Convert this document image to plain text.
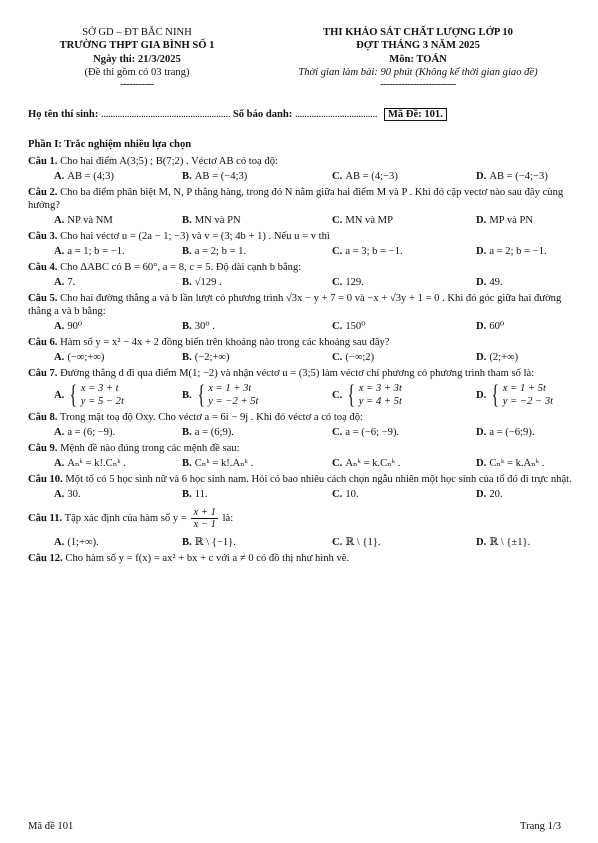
SỞ GD – ĐT BẮC NINH
TRƯỜNG THPT GIA BÌNH SỐ 1
Ngày thi: 21/3/2025
(Đề thi gồm có 03 trang)
-----------
THI KHẢO SÁT CHẤT LƯỢNG LỚP 10
ĐỢT THÁNG 3 NĂM 2025
Môn: TOÁN
Thời gian làm bài: 90 phút (Không kể thời gian giao đề)
-------------------------
Họ tên thí sinh: ....................................................... Số báo danh: ................................... Mã Đề: 101.
Phần I: Trắc nghiệm nhiều lựa chọn
Câu 1. Cho hai điểm A(3;5) ; B(7;2) . Véctơ AB có toạ độ:
A. AB = (4;3)	B. AB = (−4;3)	C. AB = (4;−3)	D. AB = (−4;−3)
Câu 2. Cho ba điểm phân biệt M, N, P thẳng hàng, trong đó N nằm giữa hai điểm M và P . Khi đó cặp vectơ nào sau đây cùng hướng?
A. NP và NM	B. MN và PN	C. MN và MP	D. MP và PN
Câu 3. Cho hai véctơ u = (2a − 1; −3) và v = (3; 4b + 1) . Nếu u = v thì
A. a = 1; b = −1.	B. a = 2; b = 1.	C. a = 3; b = −1.	D. a = 2; b = −1.
Câu 4. Cho ΔABC có B = 60°, a = 8, c = 5. Độ dài cạnh b bằng:
A. 7.	B. √129 .	C. 129.	D. 49.
Câu 5. Cho hai đường thẳng a và b lần lượt có phương trình √3x − y + 7 = 0 và −x + √3y + 1 = 0 . Khi đó góc giữa hai đường thẳng a và b bằng:
A. 90⁰	B. 30⁰ .	C. 150⁰	D. 60⁰
Câu 6. Hàm số y = x² − 4x + 2 đồng biến trên khoảng nào trong các khoảng sau đây?
A. (−∞;+∞)	B. (−2;+∞)	C. (−∞;2)	D. (2;+∞)
Câu 7. Đường thẳng d đi qua điểm M(1; −2) và nhận véctơ u = (3;5) làm véctơ chỉ phương có phương trình tham số là:
A. { x = 3 + t
y = 5 − 2t
B. { x = 1 + 3t
y = −2 + 5t
C. { x = 3 + 3t
y = 4 + 5t
D. { x = 1 + 5t
y = −2 − 3t
Câu 8. Trong mặt toạ độ Oxy. Cho véctơ a = 6i − 9j . Khi đó véctơ a có toạ độ:
A. a = (6; −9).	B. a = (6;9).	C. a = (−6; −9).	D. a = (−6;9).
Câu 9. Mệnh đề nào đúng trong các mệnh đề sau:
A. Aₙᵏ = k!.Cₙᵏ .	B. Cₙᵏ = k!.Aₙᵏ .	C. Aₙᵏ = k.Cₙᵏ .	D. Cₙᵏ = k.Aₙᵏ .
Câu 10. Một tổ có 5 học sinh nữ và 6 học sinh nam. Hỏi có bao nhiêu cách chọn ngẫu nhiên một học sinh của tổ đó đi trực nhật.
A. 30.	B. 11.	C. 10.	D. 20.
Câu 11. Tập xác định của hàm số $y = \frac{x + 1}{x - 1}$ là:
A. (1;+∞).	B. ℝ \ {−1}.	C. ℝ \ {1}.	D. ℝ \ {±1}.
Câu 12. Cho hàm số y = f(x) = ax² + bx + c với a ≠ 0 có đồ thị như hình vẽ.
Mã đề 101	Trang 1/3
